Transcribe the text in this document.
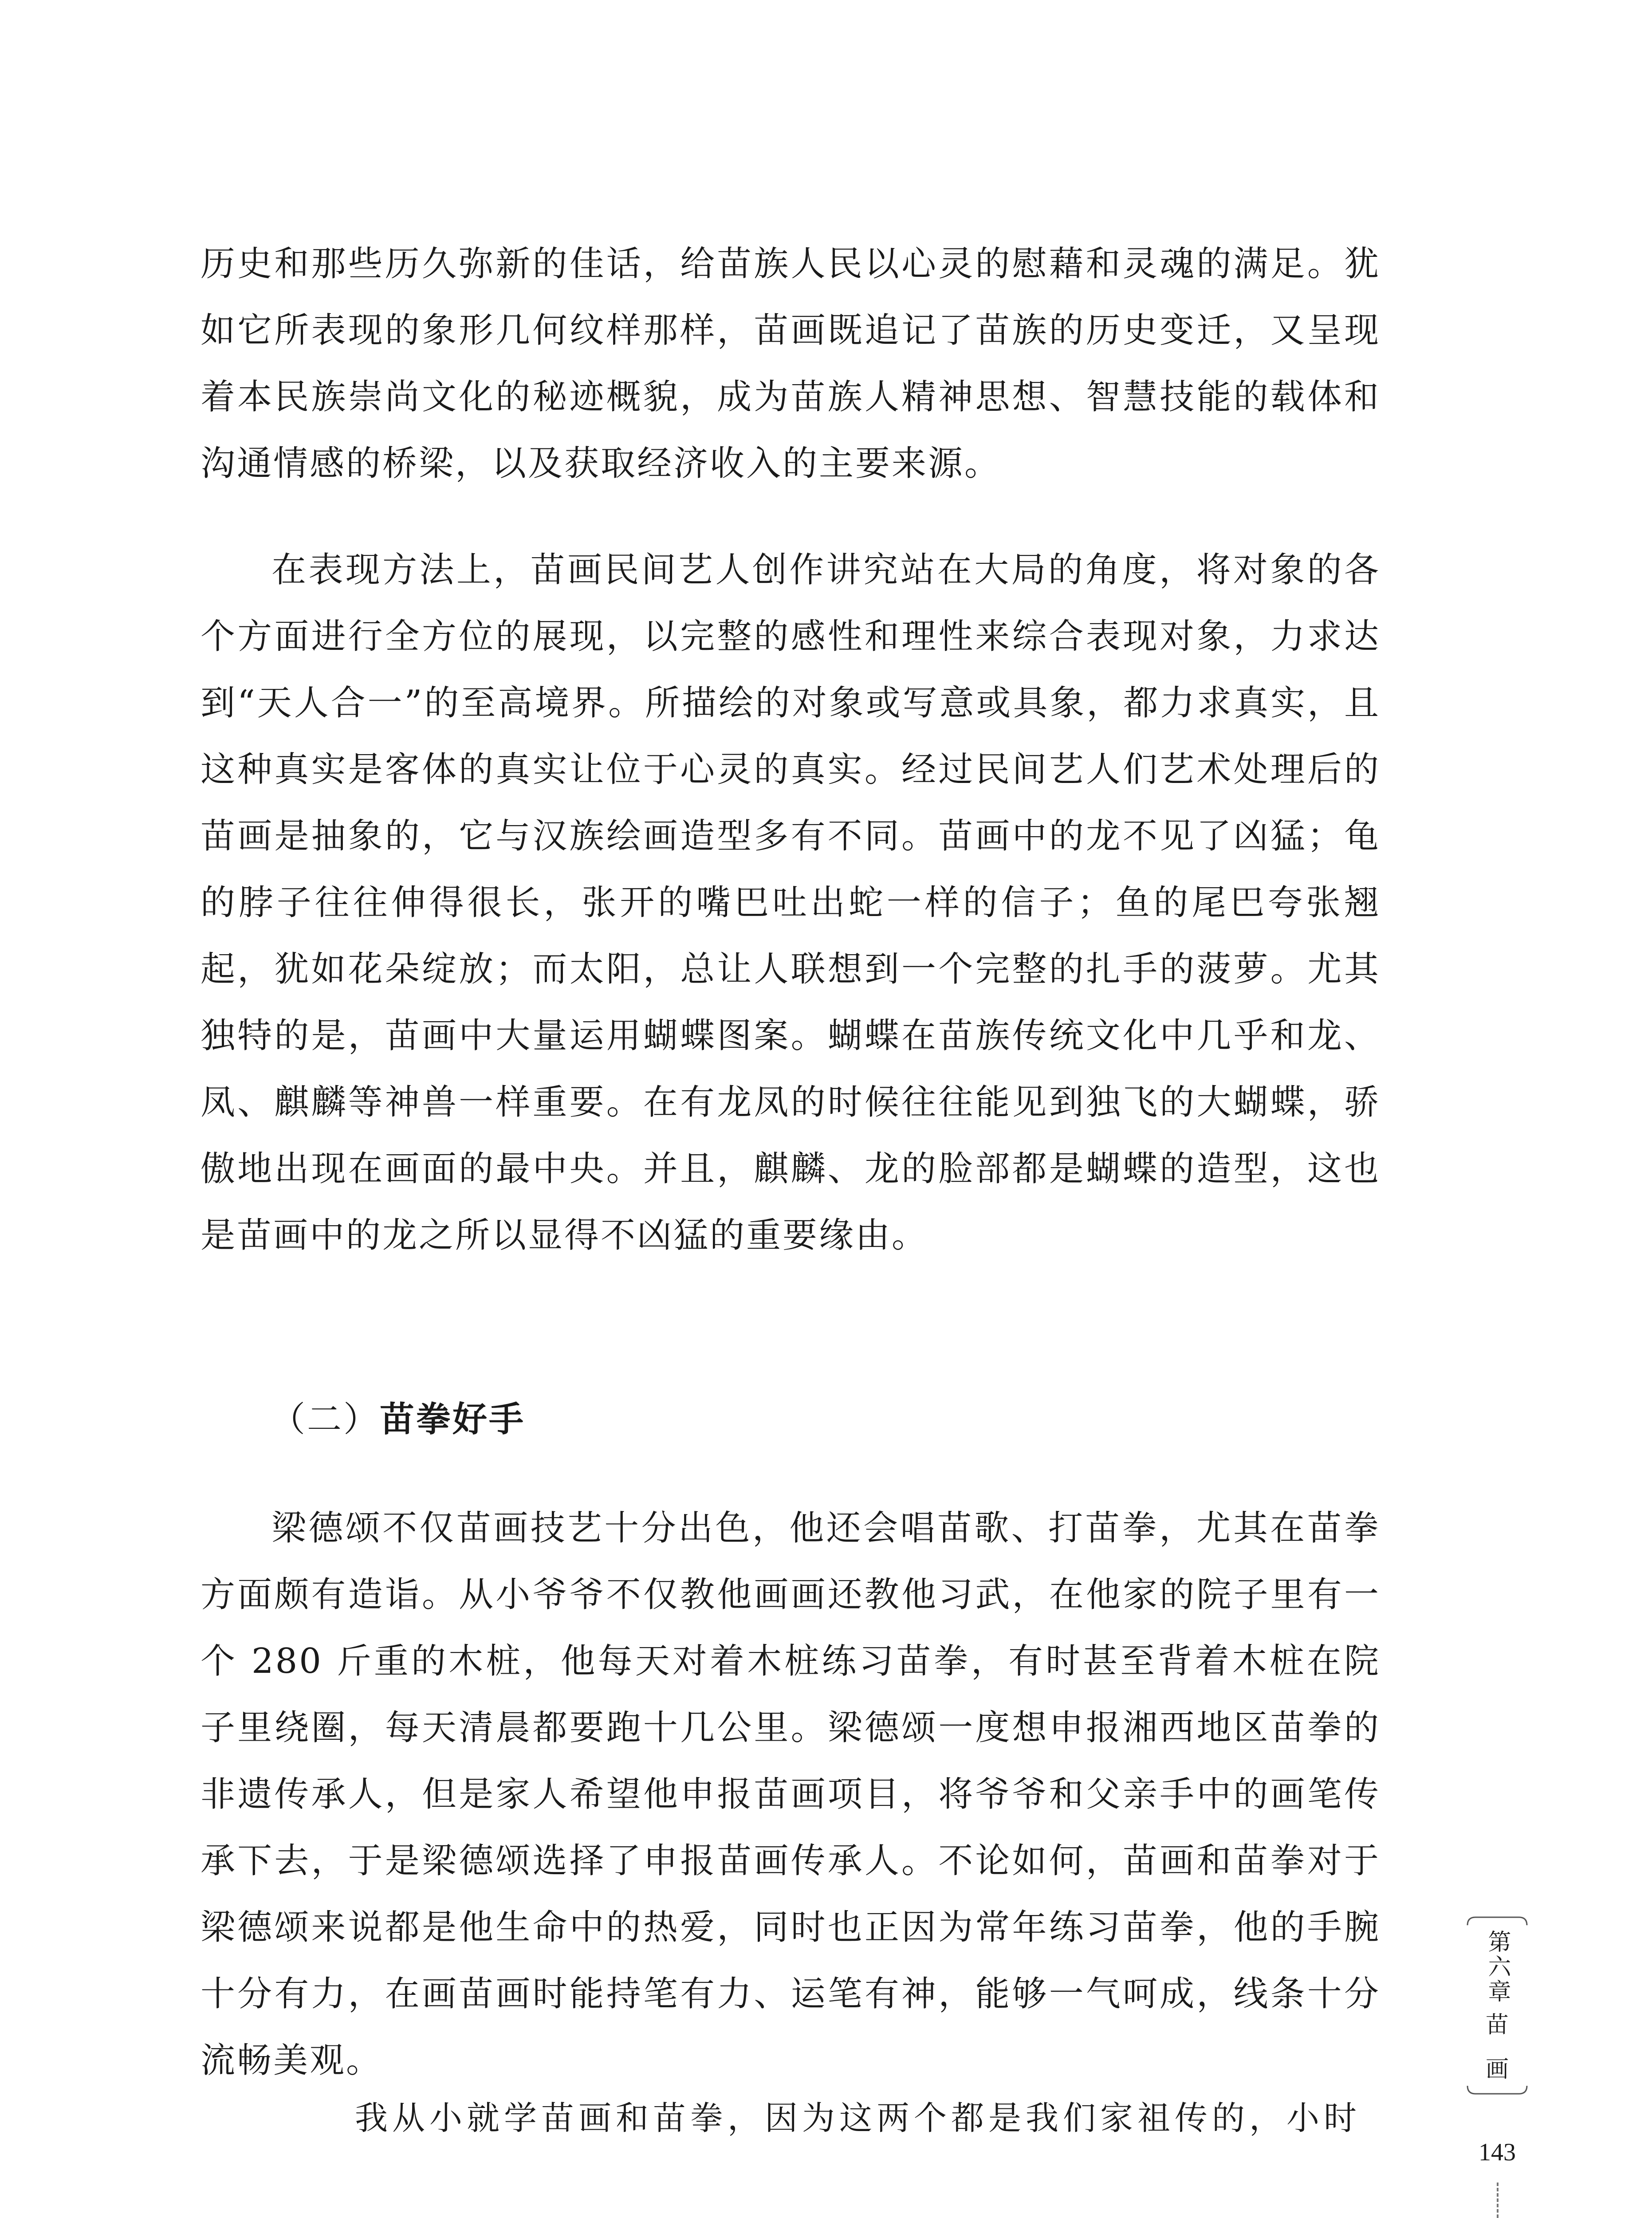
历史和那些历久弥新的佳话，给苗族人民以心灵的慰藉和灵魂的满足。犹如它所表现的象形几何纹样那样，苗画既追记了苗族的历史变迁，又呈现着本民族崇尚文化的秘迹概貌，成为苗族人精神思想、智慧技能的载体和沟通情感的桥梁，以及获取经济收入的主要来源。
在表现方法上，苗画民间艺人创作讲究站在大局的角度，将对象的各个方面进行全方位的展现，以完整的感性和理性来综合表现对象，力求达到“天人合一”的至高境界。所描绘的对象或写意或具象，都力求真实，且这种真实是客体的真实让位于心灵的真实。经过民间艺人们艺术处理后的苗画是抽象的，它与汉族绘画造型多有不同。苗画中的龙不见了凶猛；龟的脖子往往伸得很长，张开的嘴巴吐出蛇一样的信子；鱼的尾巴夸张翘起，犹如花朵绽放；而太阳，总让人联想到一个完整的扎手的菠萝。尤其独特的是，苗画中大量运用蝴蝶图案。蝴蝶在苗族传统文化中几乎和龙、凤、麒麟等神兽一样重要。在有龙凤的时候往往能见到独飞的大蝴蝶，骄傲地出现在画面的最中央。并且，麒麟、龙的脸部都是蝴蝶的造型，这也是苗画中的龙之所以显得不凶猛的重要缘由。
（二）苗拳好手
梁德颂不仅苗画技艺十分出色，他还会唱苗歌、打苗拳，尤其在苗拳方面颇有造诣。从小爷爷不仅教他画画还教他习武，在他家的院子里有一个 280 斤重的木桩，他每天对着木桩练习苗拳，有时甚至背着木桩在院子里绕圈，每天清晨都要跑十几公里。梁德颂一度想申报湘西地区苗拳的非遗传承人，但是家人希望他申报苗画项目，将爷爷和父亲手中的画笔传承下去，于是梁德颂选择了申报苗画传承人。不论如何，苗画和苗拳对于梁德颂来说都是他生命中的热爱，同时也正因为常年练习苗拳，他的手腕十分有力，在画苗画时能持笔有力、运笔有神，能够一气呵成，线条十分流畅美观。
我从小就学苗画和苗拳，因为这两个都是我们家祖传的，小时
第六章
苗
画
143
